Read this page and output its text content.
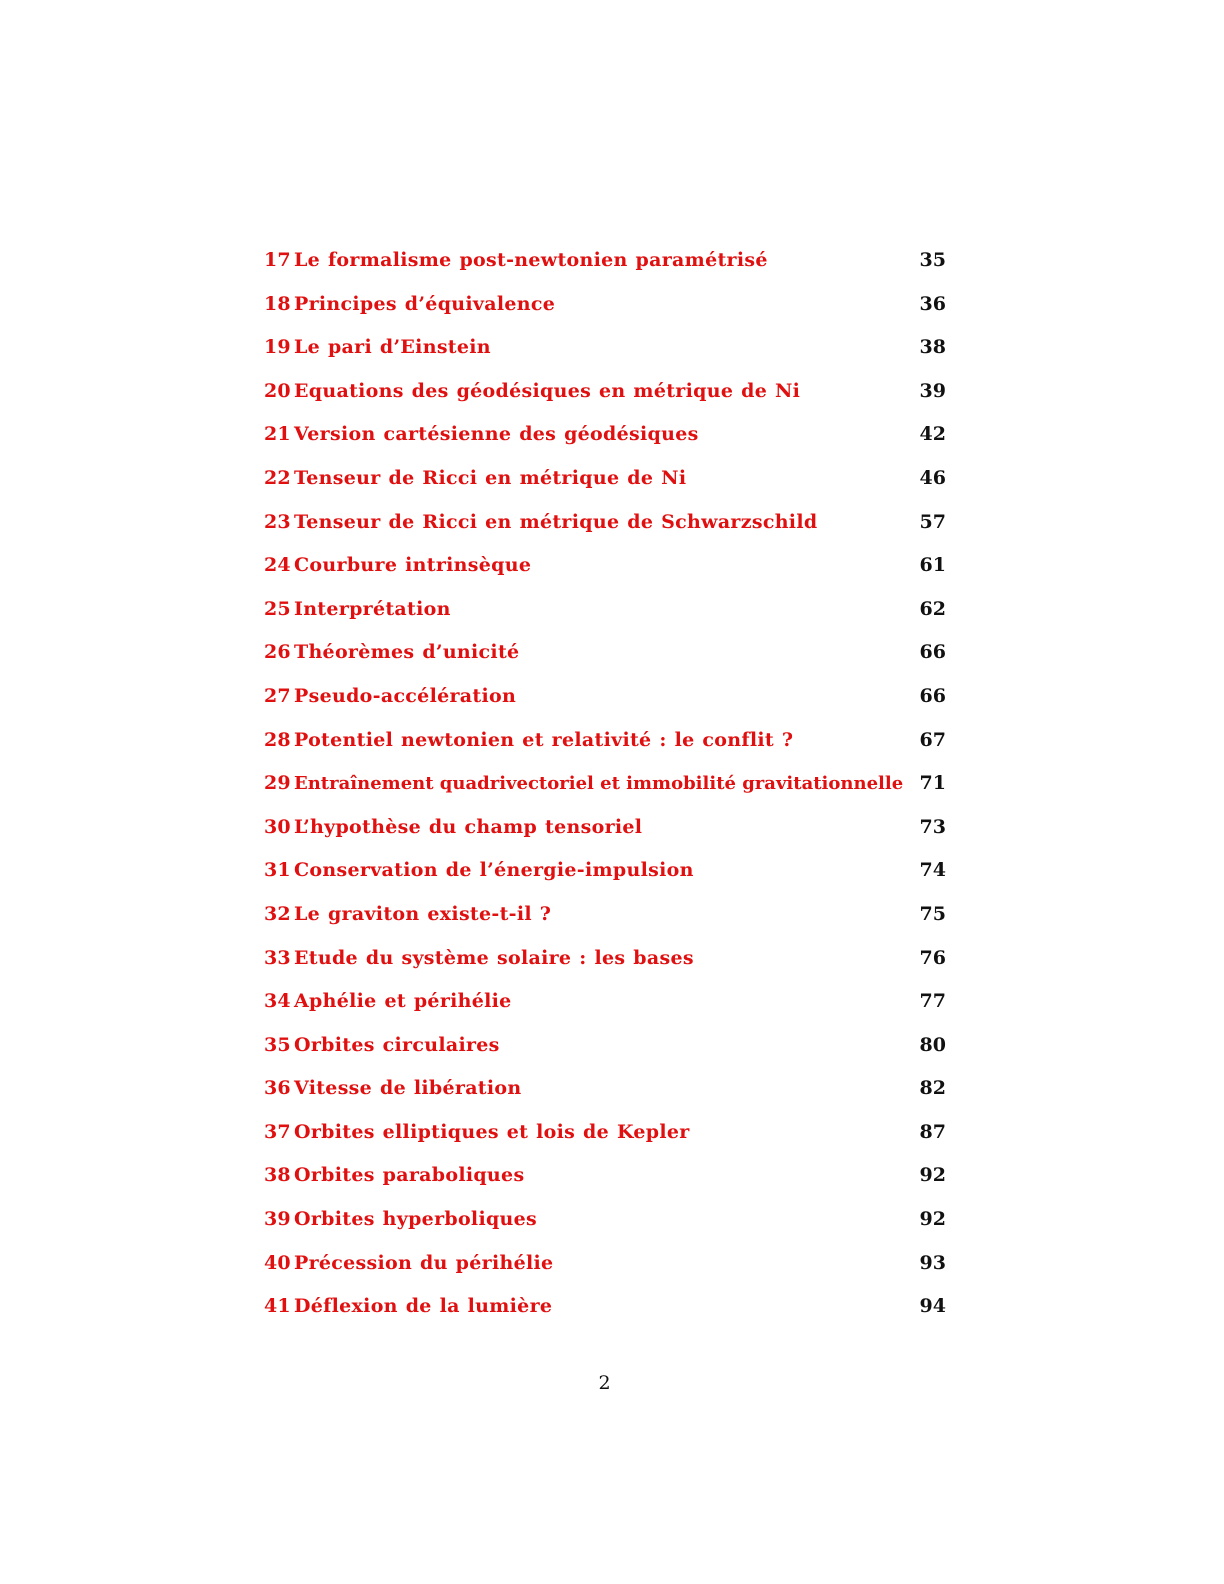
17 Le formalisme post-newtonien paramétrisé	35
18 Principes d’équivalence	36
19 Le pari d’Einstein	38
20 Equations des géodésiques en métrique de Ni	39
21 Version cartésienne des géodésiques	42
22 Tenseur de Ricci en métrique de Ni	46
23 Tenseur de Ricci en métrique de Schwarzschild	57
24 Courbure intrinsèque	61
25 Interprétation	62
26 Théorèmes d’unicité	66
27 Pseudo-accélération	66
28 Potentiel newtonien et relativité : le conflit ?	67
29 Entraînement quadrivectoriel et immobilité gravitationnelle 71
30 L’hypothèse du champ tensoriel	73
31 Conservation de l’énergie-impulsion	74
32 Le graviton existe-t-il ?	75
33 Etude du système solaire : les bases	76
34 Aphélie et périhélie	77
35 Orbites circulaires	80
36 Vitesse de libération	82
37 Orbites elliptiques et lois de Kepler	87
38 Orbites paraboliques	92
39 Orbites hyperboliques	92
40 Précession du périhélie	93
41 Déflexion de la lumière	94
2
